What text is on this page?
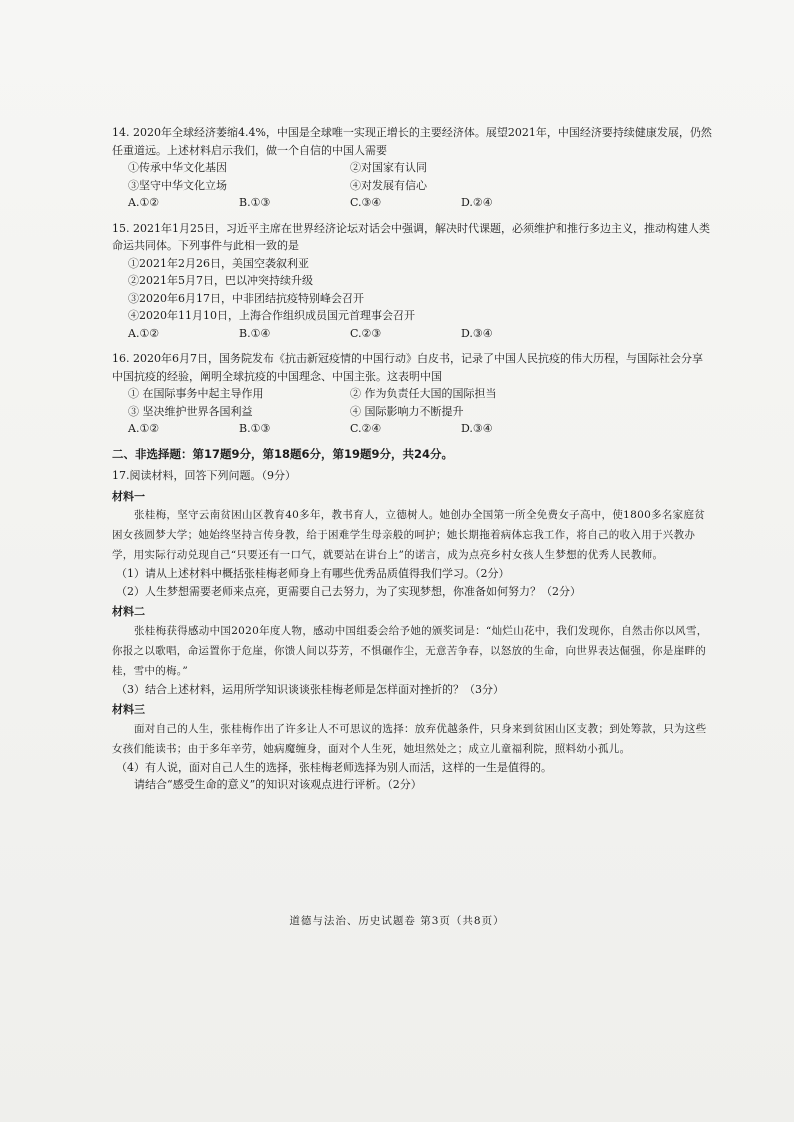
14. 2020年全球经济萎缩4.4%，中国是全球唯一实现正增长的主要经济体。展望2021年，中国经济要持续健康发展，仍然任重道远。上述材料启示我们，做一个自信的中国人需要

①传承中华文化基因	②对国家有认同
③坚守中华文化立场	④对发展有信心
A.①②	B.①③	C.③④	D.②④

15. 2021年1月25日，习近平主席在世界经济论坛对话会中强调，解决时代课题，必须维护和推行多边主义，推动构建人类命运共同体。下列事件与此相一致的是

①2021年2月26日，美国空袭叙利亚
②2021年5月7日，巴以冲突持续升级
③2020年6月17日，中非团结抗疫特别峰会召开
④2020年11月10日，上海合作组织成员国元首理事会召开
A.①②	B.①④	C.②③	D.③④

16. 2020年6月7日，国务院发布《抗击新冠疫情的中国行动》白皮书，记录了中国人民抗疫的伟大历程，与国际社会分享中国抗疫的经验，阐明全球抗疫的中国理念、中国主张。这表明中国

① 在国际事务中起主导作用	② 作为负责任大国的国际担当
③ 坚决维护世界各国利益	④ 国际影响力不断提升
A.①②	B.①③	C.②④	D.③④
二、非选择题：第17题9分，第18题6分，第19题9分，共24分。
17.阅读材料，回答下列问题。（9分）
材料一
张桂梅，坚守云南贫困山区教育40多年，教书育人，立德树人。她创办全国第一所全免费女子高中，使1800多名家庭贫困女孩圆梦大学；她始终坚持言传身教，给于困难学生母亲般的呵护；她长期拖着病体忘我工作，将自己的收入用于兴教办学，用实际行动兑现自己“只要还有一口气，就要站在讲台上”的诺言，成为点亮乡村女孩人生梦想的优秀人民教师。
（1）请从上述材料中概括张桂梅老师身上有哪些优秀品质值得我们学习。（2分）
（2）人生梦想需要老师来点亮，更需要自己去努力，为了实现梦想，你准备如何努力？（2分）
材料二
张桂梅获得感动中国2020年度人物，感动中国组委会给予她的颁奖词是：“灿烂山花中，我们发现你，自然击你以风雪，你报之以歌唱，命运置你于危崖，你馈人间以芬芳，不惧碾作尘，无意苦争春，以怒放的生命，向世界表达倔强，你是崖畔的桂，雪中的梅。”
（3）结合上述材料，运用所学知识谈谈张桂梅老师是怎样面对挫折的？（3分）
材料三
面对自己的人生，张桂梅作出了许多让人不可思议的选择：放弃优越条件，只身来到贫困山区支教；到处筹款，只为这些女孩们能读书；由于多年辛劳，她病魔缠身，面对个人生死，她坦然处之；成立儿童福利院，照料幼小孤儿。
（4）有人说，面对自己人生的选择，张桂梅老师选择为别人而活，这样的一生是值得的。
请结合“感受生命的意义”的知识对该观点进行评析。（2分）
道德与法治、历史试题卷 第3页（共8页）
